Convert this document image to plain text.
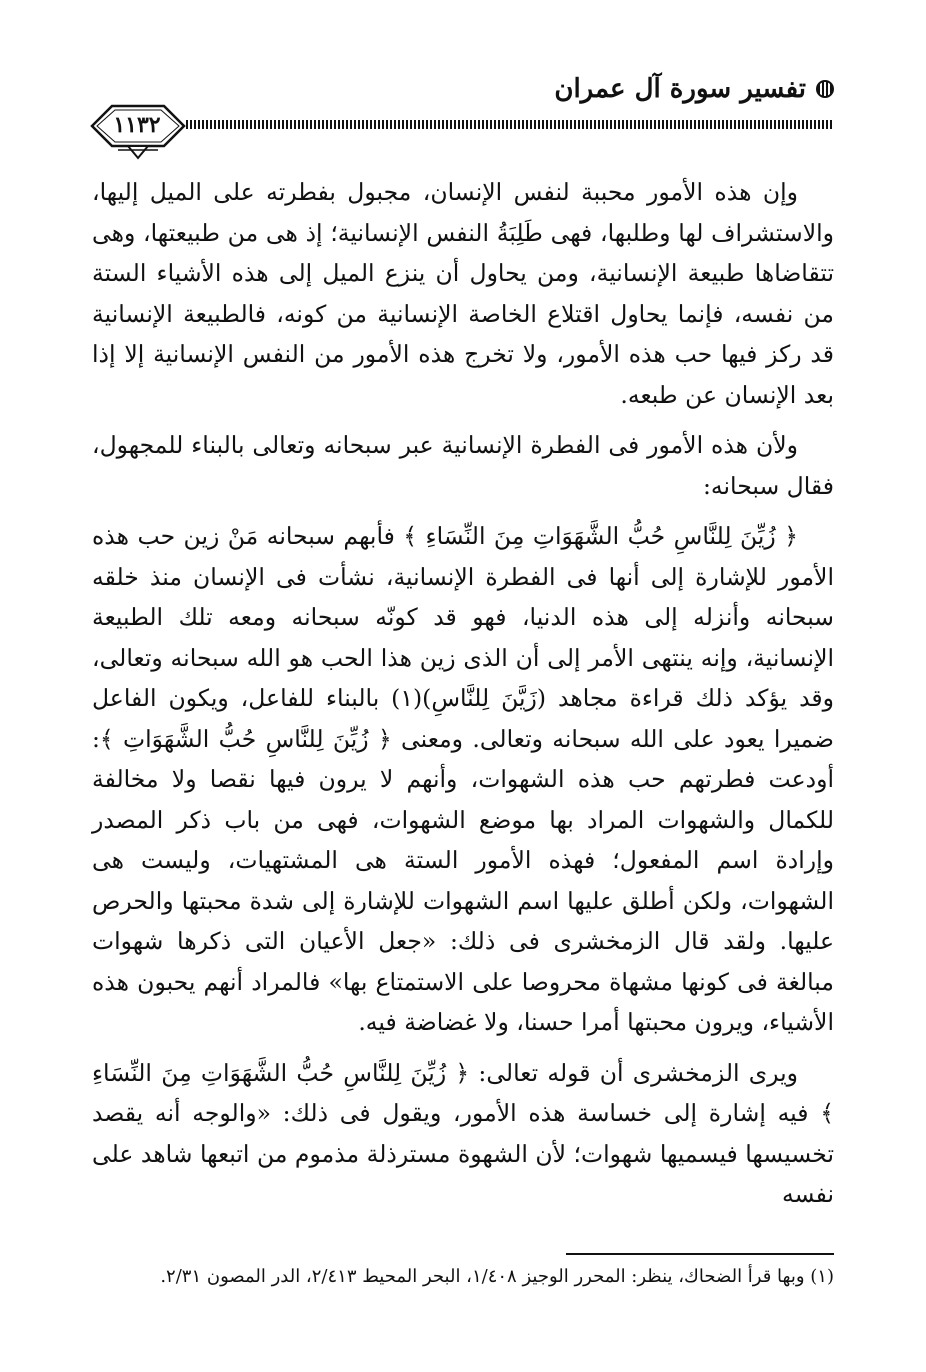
تفسير سورة آل عمران
١١٣٢

وإن هذه الأمور محببة لنفس الإنسان، مجبول بفطرته على الميل إليها، والاستشراف لها وطلبها، فهى طَلِبَةُ النفس الإنسانية؛ إذ هى من طبيعتها، وهى تتقاضاها طبيعة الإنسانية، ومن يحاول أن ينزع الميل إلى هذه الأشياء الستة من نفسه، فإنما يحاول اقتلاع الخاصة الإنسانية من كونه، فالطبيعة الإنسانية قد ركز فيها حب هذه الأمور، ولا تخرج هذه الأمور من النفس الإنسانية إلا إذا بعد الإنسان عن طبعه.

ولأن هذه الأمور فى الفطرة الإنسانية عبر سبحانه وتعالى بالبناء للمجهول، فقال سبحانه:

﴿ زُيِّنَ لِلنَّاسِ حُبُّ الشَّهَوَاتِ مِنَ النِّسَاءِ ﴾ فأبهم سبحانه مَنْ زين حب هذه الأمور للإشارة إلى أنها فى الفطرة الإنسانية، نشأت فى الإنسان منذ خلقه سبحانه وأنزله إلى هذه الدنيا، فهو قد كونّه سبحانه ومعه تلك الطبيعة الإنسانية، وإنه ينتهى الأمر إلى أن الذى زين هذا الحب هو الله سبحانه وتعالى، وقد يؤكد ذلك قراءة مجاهد (زَيَّنَ لِلنَّاسِ)(١) بالبناء للفاعل، ويكون الفاعل ضميرا يعود على الله سبحانه وتعالى. ومعنى ﴿ زُيِّنَ لِلنَّاسِ حُبُّ الشَّهَوَاتِ ﴾: أودعت فطرتهم حب هذه الشهوات، وأنهم لا يرون فيها نقصا ولا مخالفة للكمال والشهوات المراد بها موضع الشهوات، فهى من باب ذكر المصدر وإرادة اسم المفعول؛ فهذه الأمور الستة هى المشتهيات، وليست هى الشهوات، ولكن أطلق عليها اسم الشهوات للإشارة إلى شدة محبتها والحرص عليها. ولقد قال الزمخشرى فى ذلك: «جعل الأعيان التى ذكرها شهوات مبالغة فى كونها مشهاة محروصا على الاستمتاع بها» فالمراد أنهم يحبون هذه الأشياء، ويرون محبتها أمرا حسنا، ولا غضاضة فيه.

ويرى الزمخشرى أن قوله تعالى: ﴿ زُيِّنَ لِلنَّاسِ حُبُّ الشَّهَوَاتِ مِنَ النِّسَاءِ ﴾ فيه إشارة إلى خساسة هذه الأمور، ويقول فى ذلك: «والوجه أنه يقصد تخسيسها فيسميها شهوات؛ لأن الشهوة مسترذلة مذموم من اتبعها شاهد على نفسه

(١) وبها قرأ الضحاك، ينظر: المحرر الوجيز ١/٤٠٨، البحر المحيط ٢/٤١٣، الدر المصون ٢/٣١.
